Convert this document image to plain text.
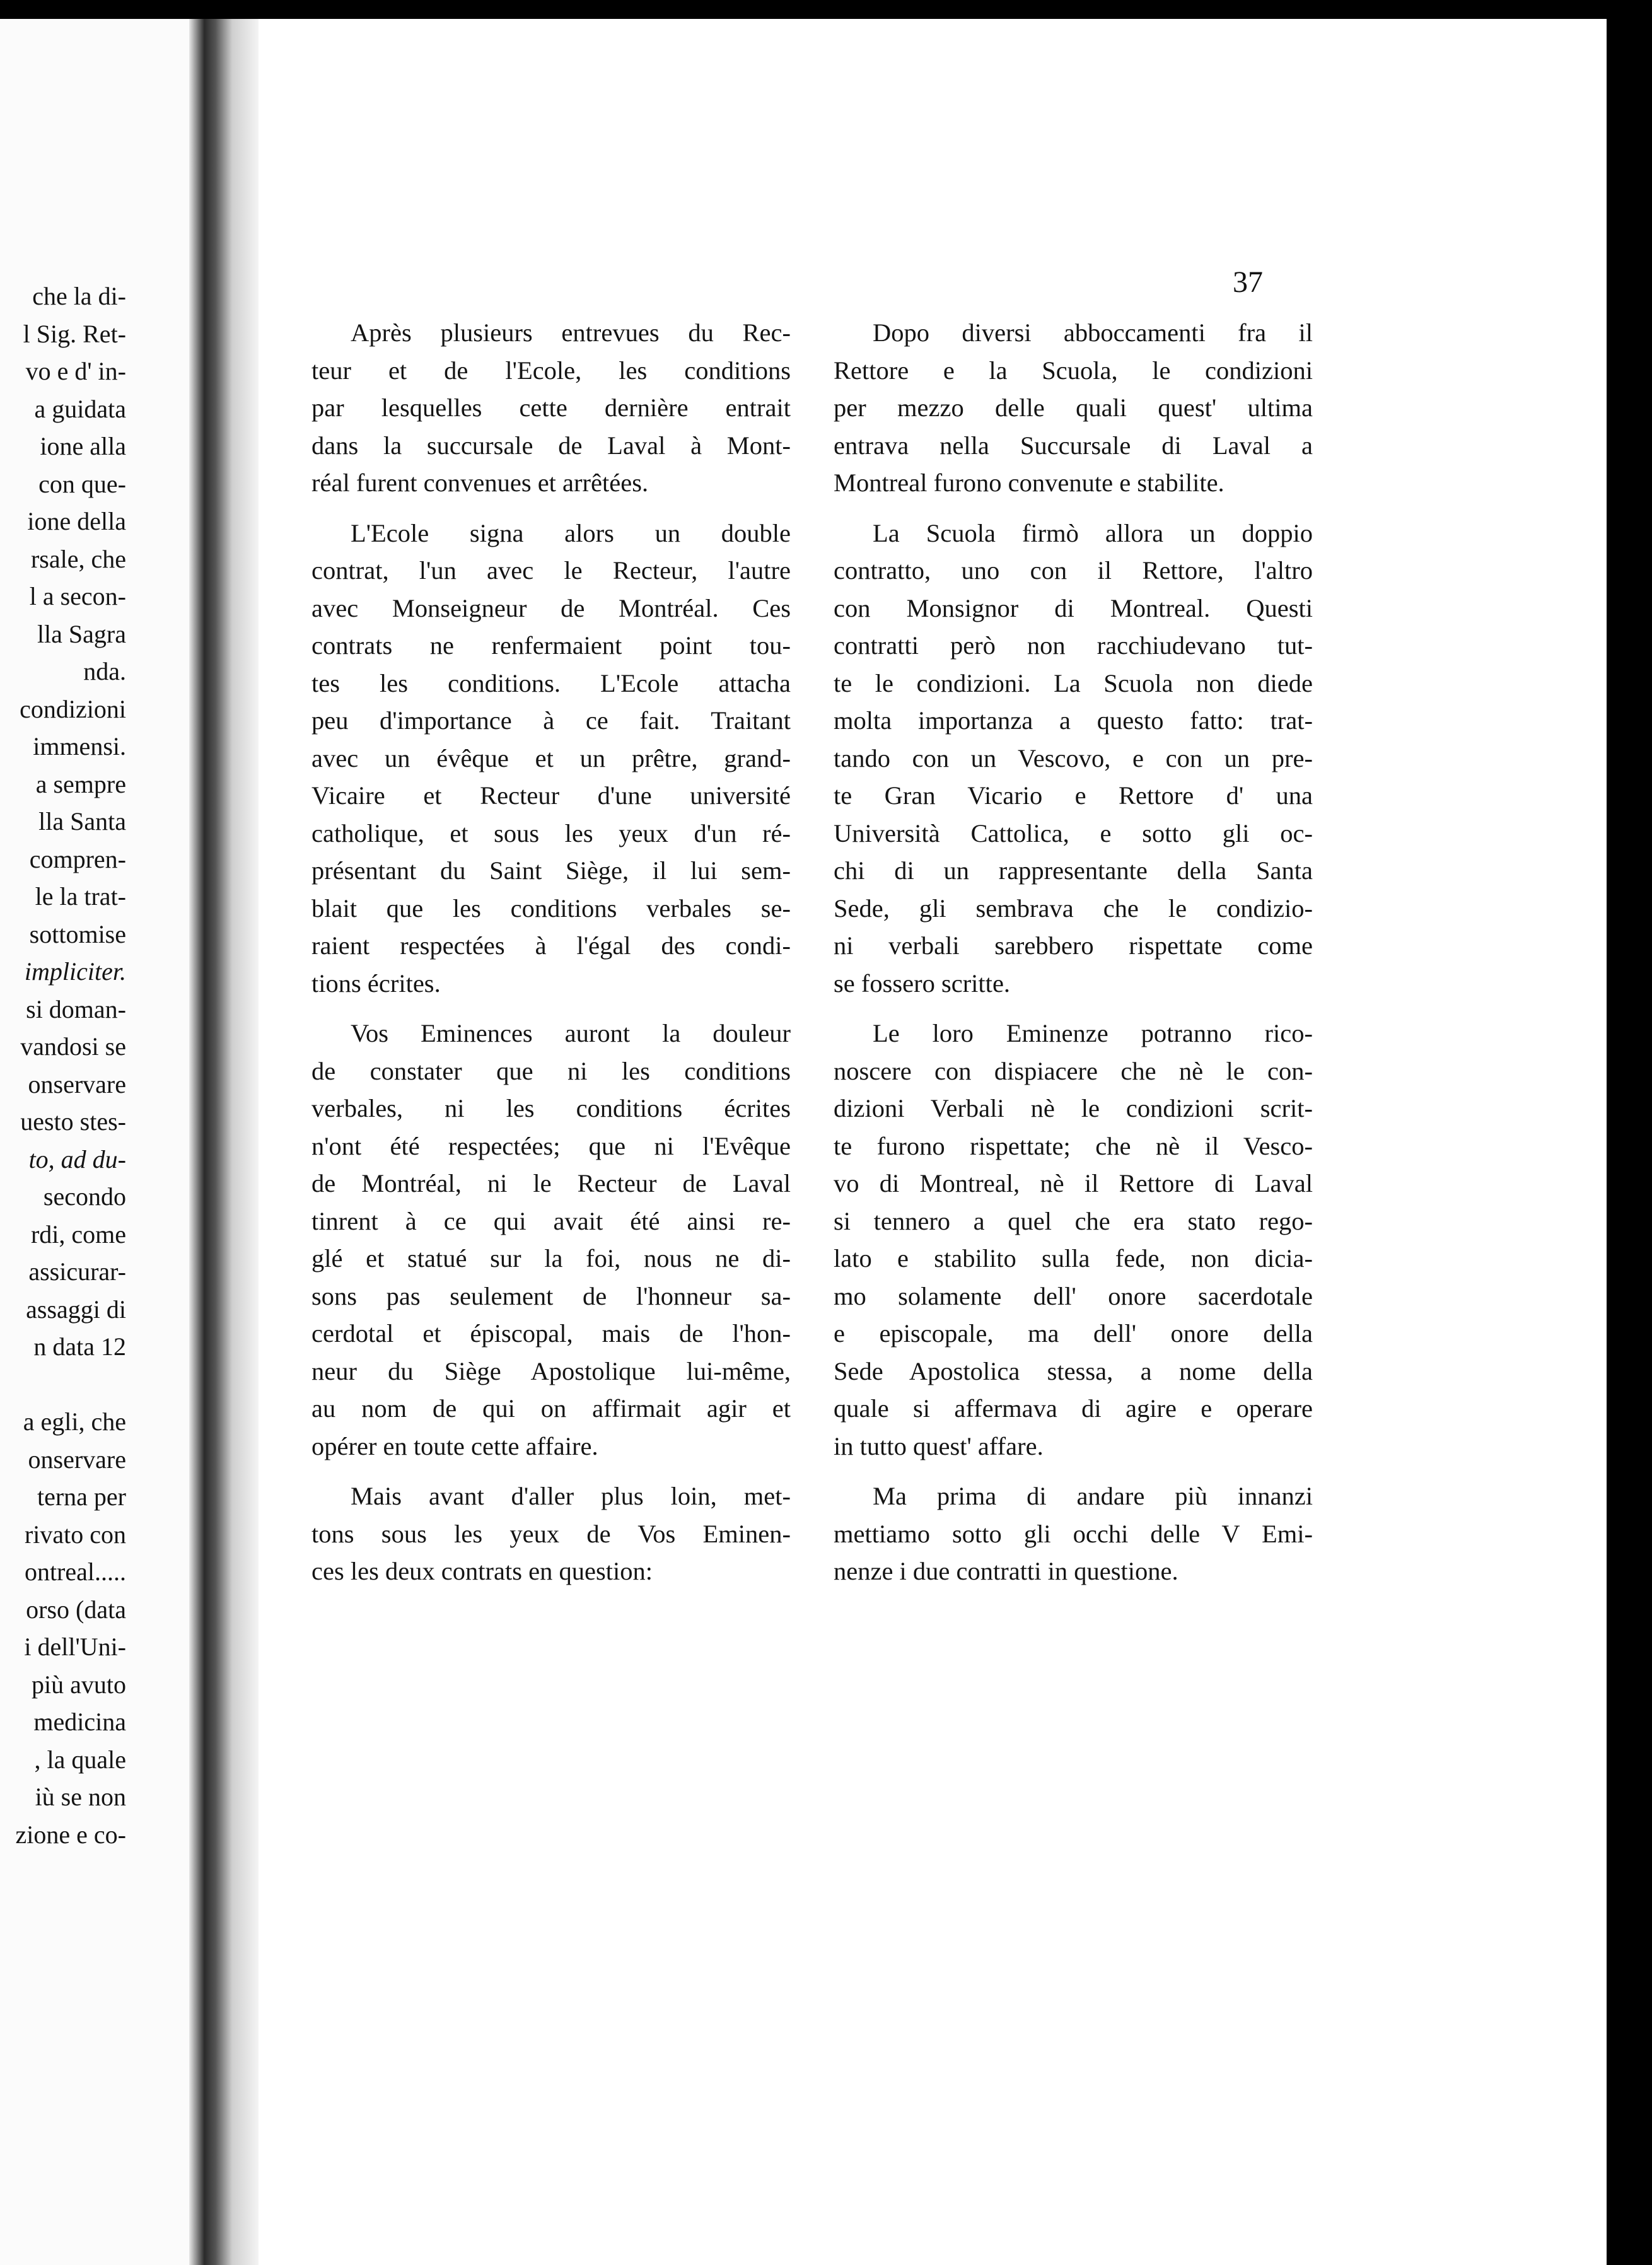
che la di-
l Sig. Ret-
vo e d' in-
a guidata
ione alla
con que-
ione della
rsale, che
l a secon-
lla Sagra
nda.
condizioni
immensi.
a sempre
lla Santa
compren-
le la trat-
sottomise
impliciter.
si doman-
vandosi se
onservare
uesto stes-
to, ad du-
secondo
rdi, come
assicurar-
assaggi di
n data 12
a egli, che
onservare
terna per
rivato con
ontreal.....
orso (data
i dell'Uni-
più avuto
medicina
, la quale
iù se non
zione e co-
37
Après plusieurs entrevues du Rec-
teur et de l'Ecole, les conditions
par lesquelles cette dernière entrait
dans la succursale de Laval à Mont-
réal furent convenues et arrêtées.
L'Ecole signa alors un double
contrat, l'un avec le Recteur, l'autre
avec Monseigneur de Montréal. Ces
contrats ne renfermaient point tou-
tes les conditions. L'Ecole attacha
peu d'importance à ce fait. Traitant
avec un évêque et un prêtre, grand-
Vicaire et Recteur d'une université
catholique, et sous les yeux d'un ré-
présentant du Saint Siège, il lui sem-
blait que les conditions verbales se-
raient respectées à l'égal des condi-
tions écrites.
Vos Eminences auront la douleur
de constater que ni les conditions
verbales, ni les conditions écrites
n'ont été respectées; que ni l'Evêque
de Montréal, ni le Recteur de Laval
tinrent à ce qui avait été ainsi re-
glé et statué sur la foi, nous ne di-
sons pas seulement de l'honneur sa-
cerdotal et épiscopal, mais de l'hon-
neur du Siège Apostolique lui-même,
au nom de qui on affirmait agir et
opérer en toute cette affaire.
Mais avant d'aller plus loin, met-
tons sous les yeux de Vos Eminen-
ces les deux contrats en question:
Dopo diversi abboccamenti fra il
Rettore e la Scuola, le condizioni
per mezzo delle quali quest' ultima
entrava nella Succursale di Laval a
Montreal furono convenute e stabilite.
La Scuola firmò allora un doppio
contratto, uno con il Rettore, l'altro
con Monsignor di Montreal. Questi
contratti però non racchiudevano tut-
te le condizioni. La Scuola non diede
molta importanza a questo fatto: trat-
tando con un Vescovo, e con un pre-
te Gran Vicario e Rettore d' una
Università Cattolica, e sotto gli oc-
chi di un rappresentante della Santa
Sede, gli sembrava che le condizio-
ni verbali sarebbero rispettate come
se fossero scritte.
Le loro Eminenze potranno rico-
noscere con dispiacere che nè le con-
dizioni Verbali nè le condizioni scrit-
te furono rispettate; che nè il Vesco-
vo di Montreal, nè il Rettore di Laval
si tennero a quel che era stato rego-
lato e stabilito sulla fede, non dicia-
mo solamente dell' onore sacerdotale
e episcopale, ma dell' onore della
Sede Apostolica stessa, a nome della
quale si affermava di agire e operare
in tutto quest' affare.
Ma prima di andare più innanzi
mettiamo sotto gli occhi delle V Emi-
nenze i due contratti in questione.
